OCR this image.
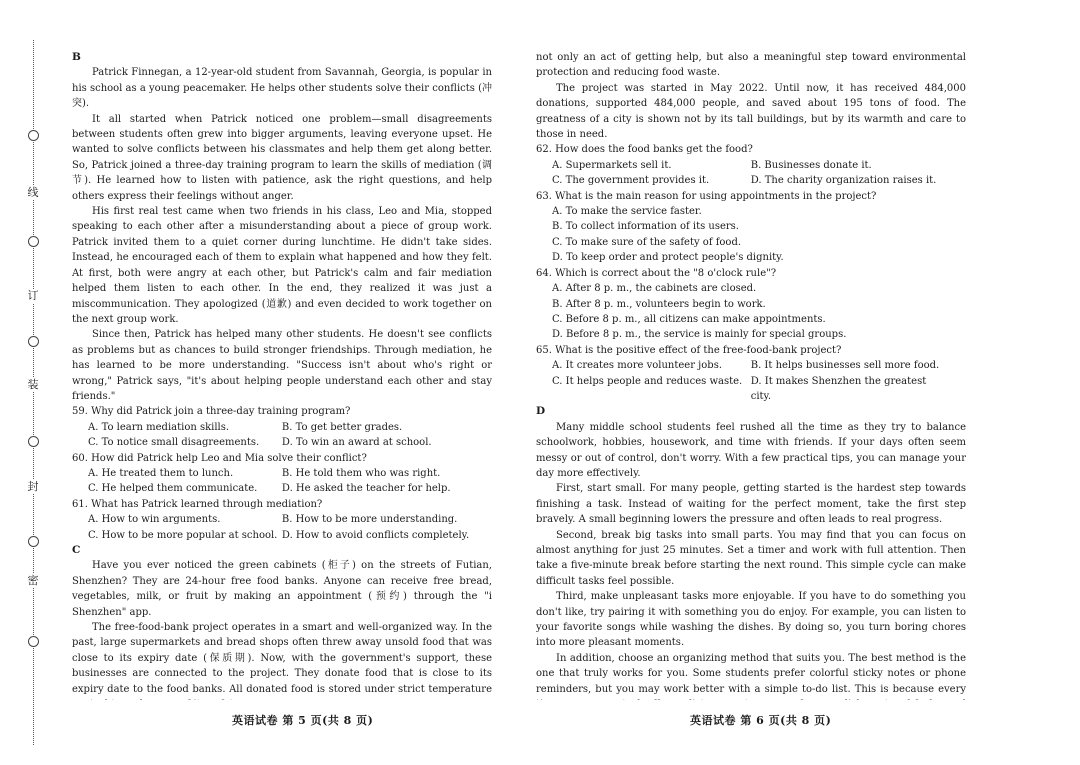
线
订
装
封
密

B

Patrick Finnegan, a 12-year-old student from Savannah, Georgia, is popular in his school as a young peacemaker. He helps other students solve their conflicts (冲突).

It all started when Patrick noticed one problem—small disagreements between students often grew into bigger arguments, leaving everyone upset. He wanted to solve conflicts between his classmates and help them get along better. So, Patrick joined a three-day training program to learn the skills of mediation (调节). He learned how to listen with patience, ask the right questions, and help others express their feelings without anger.

His first real test came when two friends in his class, Leo and Mia, stopped speaking to each other after a misunderstanding about a piece of group work. Patrick invited them to a quiet corner during lunchtime. He didn't take sides. Instead, he encouraged each of them to explain what happened and how they felt. At first, both were angry at each other, but Patrick's calm and fair mediation helped them listen to each other. In the end, they realized it was just a miscommunication. They apologized (道歉) and even decided to work together on the next group work.

Since then, Patrick has helped many other students. He doesn't see conflicts as problems but as chances to build stronger friendships. Through mediation, he has learned to be more understanding. "Success isn't about who's right or wrong," Patrick says, "it's about helping people understand each other and stay friends."

59. Why did Patrick join a three-day training program?

A. To learn mediation skills.	B. To get better grades.
C. To notice small disagreements.	D. To win an award at school.

60. How did Patrick help Leo and Mia solve their conflict?

A. He treated them to lunch.	B. He told them who was right.
C. He helped them communicate.	D. He asked the teacher for help.

61. What has Patrick learned through mediation?

A. How to win arguments.	B. How to be more understanding.
C. How to be more popular at school. D. How to avoid conflicts completely.

C

Have you ever noticed the green cabinets (柜子) on the streets of Futian, Shenzhen? They are 24-hour free food banks. Anyone can receive free bread, vegetables, milk, or fruit by making an appointment (预约) through the "i Shenzhen" app.

The free-food-bank project operates in a smart and well-organized way. In the past, large supermarkets and bread shops often threw away unsold food that was close to its expiry date (保质期). Now, with the government's support, these businesses are connected to the project. They donate food that is close to its expiry date to the food banks. All donated food is stored under strict temperature

英语试卷 第 5 页(共 8 页)

not only an act of getting help, but also a meaningful step toward environmental protection and reducing food waste.

The project was started in May 2022. Until now, it has received 484,000 donations, supported 484,000 people, and saved about 195 tons of food. The greatness of a city is shown not by its tall buildings, but by its warmth and care to those in need.

62. How does the food banks get the food?

A. Supermarkets sell it.	B. Businesses donate it.
C. The government provides it.	D. The charity organization raises it.

63. What is the main reason for using appointments in the project?

A. To make the service faster.
B. To collect information of its users.
C. To make sure of the safety of food.
D. To keep order and protect people's dignity.

64. Which is correct about the "8 o'clock rule"?

A. After 8 p. m., the cabinets are closed.
B. After 8 p. m., volunteers begin to work.
C. Before 8 p. m., all citizens can make appointments.
D. Before 8 p. m., the service is mainly for special groups.

65. What is the positive effect of the free-food-bank project?

A. It creates more volunteer jobs.	B. It helps businesses sell more food.
C. It helps people and reduces waste. D. It makes Shenzhen the greatest city.

D

Many middle school students feel rushed all the time as they try to balance schoolwork, hobbies, housework, and time with friends. If your days often seem messy or out of control, don't worry. With a few practical tips, you can manage your day more effectively.

First, start small. For many people, getting started is the hardest step towards finishing a task. Instead of waiting for the perfect moment, take the first step bravely. A small beginning lowers the pressure and often leads to real progress.

Second, break big tasks into small parts. You may find that you can focus on almost anything for just 25 minutes. Set a timer and work with full attention. Then take a five-minute break before starting the next round. This simple cycle can make difficult tasks feel possible.

Third, make unpleasant tasks more enjoyable. If you have to do something you don't like, try pairing it with something you do enjoy. For example, you can listen to your favorite songs while washing the dishes. By doing so, you turn boring chores into more pleasant moments.

In addition, choose an organizing method that suits you. The best method is the one that truly works for you. Some students prefer colorful sticky notes or phone reminders, but you may work better with a simple to-do list. This is because every

英语试卷 第 6 页(共 8 页)
